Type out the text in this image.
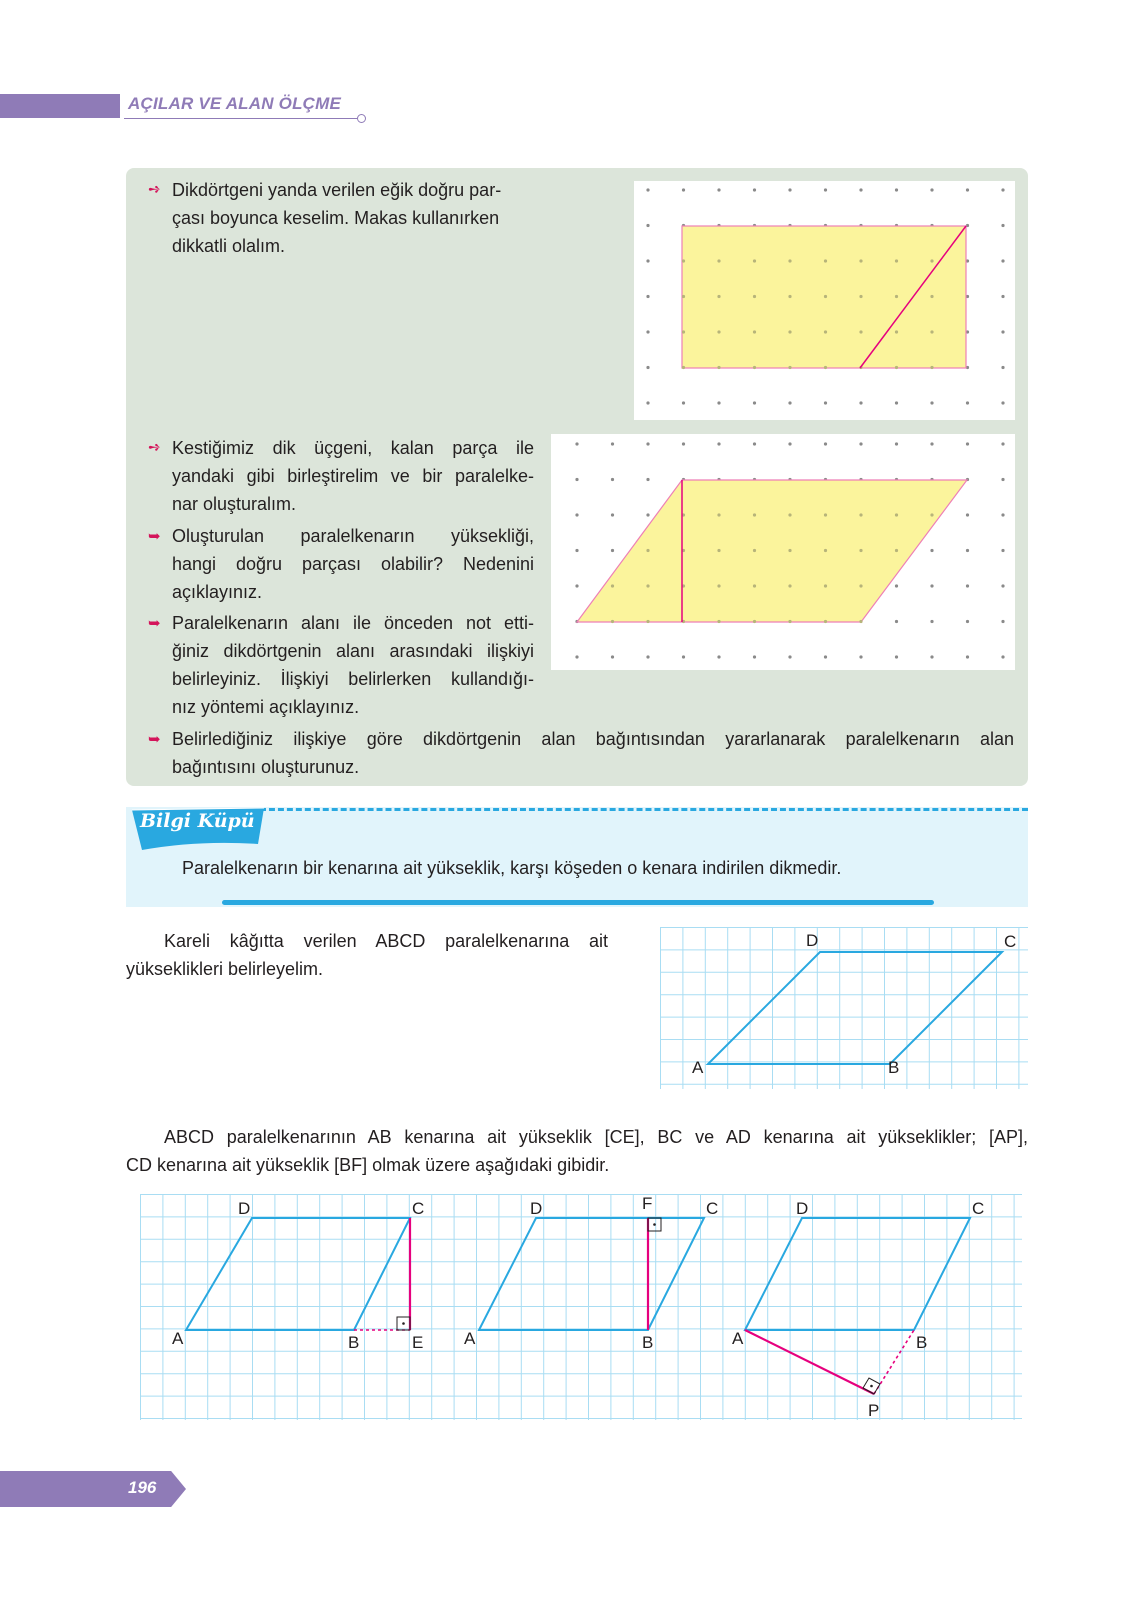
AÇILAR VE ALAN ÖLÇME
➺ Dikdörtgeni yanda verilen eğik doğru par-
çası boyunca keselim. Makas kullanırken
dikkatli olalım.
➺ Kestiğimiz dik üçgeni, kalan parça ile
yandaki gibi birleştirelim ve bir paralelke-
nar oluşturalım.
➥ Oluşturulan paralelkenarın yüksekliği,
hangi doğru parçası olabilir? Nedenini
açıklayınız.
➥ Paralelkenarın alanı ile önceden not etti-
ğiniz dikdörtgenin alanı arasındaki ilişkiyi
belirleyiniz. İlişkiyi belirlerken kullandığı-
nız yöntemi açıklayınız.
➥ Belirlediğiniz ilişkiye göre dikdörtgenin alan bağıntısından yararlanarak paralelkenarın alan
bağıntısını oluşturunuz.
Bilgi Küpü
Paralelkenarın bir kenarına ait yükseklik, karşı köşeden o kenara indirilen dikmedir.
Kareli kâğıtta verilen ABCD paralelkenarına ait
yükseklikleri belirleyelim.
D	C
A	B
ABCD paralelkenarının AB kenarına ait yükseklik [CE], BC ve AD kenarına ait yükseklikler; [AP],
CD kenarına ait yükseklik [BF] olmak üzere aşağıdaki gibidir.
D	C
A	B	E
D	F	C
A	B
D	C
A	B
P
196
